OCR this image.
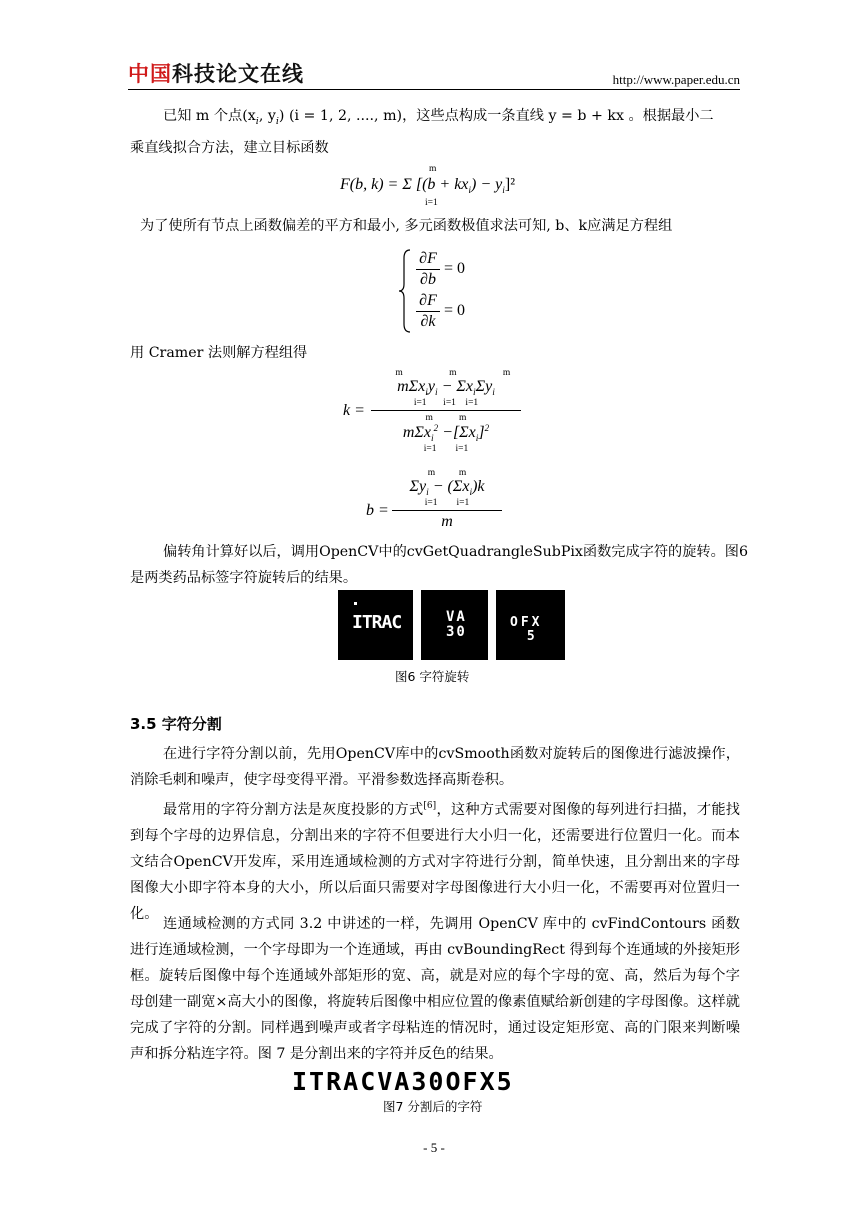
中国科技论文在线	http://www.paper.edu.cn
已知 m 个点($x_i$, $y_i$) (i = 1, 2, ...., m)，这些点构成一条直线 y = b + kx 。根据最小二
乘直线拟合方法，建立目标函数
m
i=1
F(b, k) = Σ $[(b + kx_i) - y_i]^2$
为了使所有节点上函数偏差的平方和最小, 多元函数极值求法可知, b、k应满足方程组
∂F
∂b
= 0
∂F
∂k
= 0
用 Cramer 法则解方程组得
k =
m m m
$m\Sigma x_iy_i - \Sigma x_i\Sigma y_i$
i=1       i=1    i=1
m           m
$m\Sigma x_i^2 -[\Sigma x_i]^2$
i=1        i=1
b =
m          m
$\Sigma y_i - (\Sigma x_i)k$
i=1        i=1
m
偏转角计算好以后，调用OpenCV中的cvGetQuadrangleSubPix函数完成字符的旋转。图6
是两类药品标签字符旋转后的结果。
ITRAC	VA
30
OFX
5
图6 字符旋转
3.5 字符分割
在进行字符分割以前，先用OpenCV库中的cvSmooth函数对旋转后的图像进行滤波操作，消除毛刺和噪声，使字母变得平滑。平滑参数选择高斯卷积。
最常用的字符分割方法是灰度投影的方式[6]，这种方式需要对图像的每列进行扫描，才能找到每个字母的边界信息，分割出来的字符不但要进行大小归一化，还需要进行位置归一化。而本文结合OpenCV开发库，采用连通域检测的方式对字符进行分割，简单快速，且分割出来的字母图像大小即字符本身的大小，所以后面只需要对字母图像进行大小归一化，不需要再对位置归一化。
连通域检测的方式同 3.2 中讲述的一样，先调用 OpenCV 库中的 cvFindContours 函数进行连通域检测，一个字母即为一个连通域，再由 cvBoundingRect 得到每个连通域的外接矩形框。旋转后图像中每个连通域外部矩形的宽、高，就是对应的每个字母的宽、高，然后为每个字母创建一副宽×高大小的图像，将旋转后图像中相应位置的像素值赋给新创建的字母图像。这样就完成了字符的分割。同样遇到噪声或者字母粘连的情况时，通过设定矩形宽、高的门限来判断噪声和拆分粘连字符。图 7 是分割出来的字符并反色的结果。
ITRACVA30OFX5
图7 分割后的字符
- 5 -
